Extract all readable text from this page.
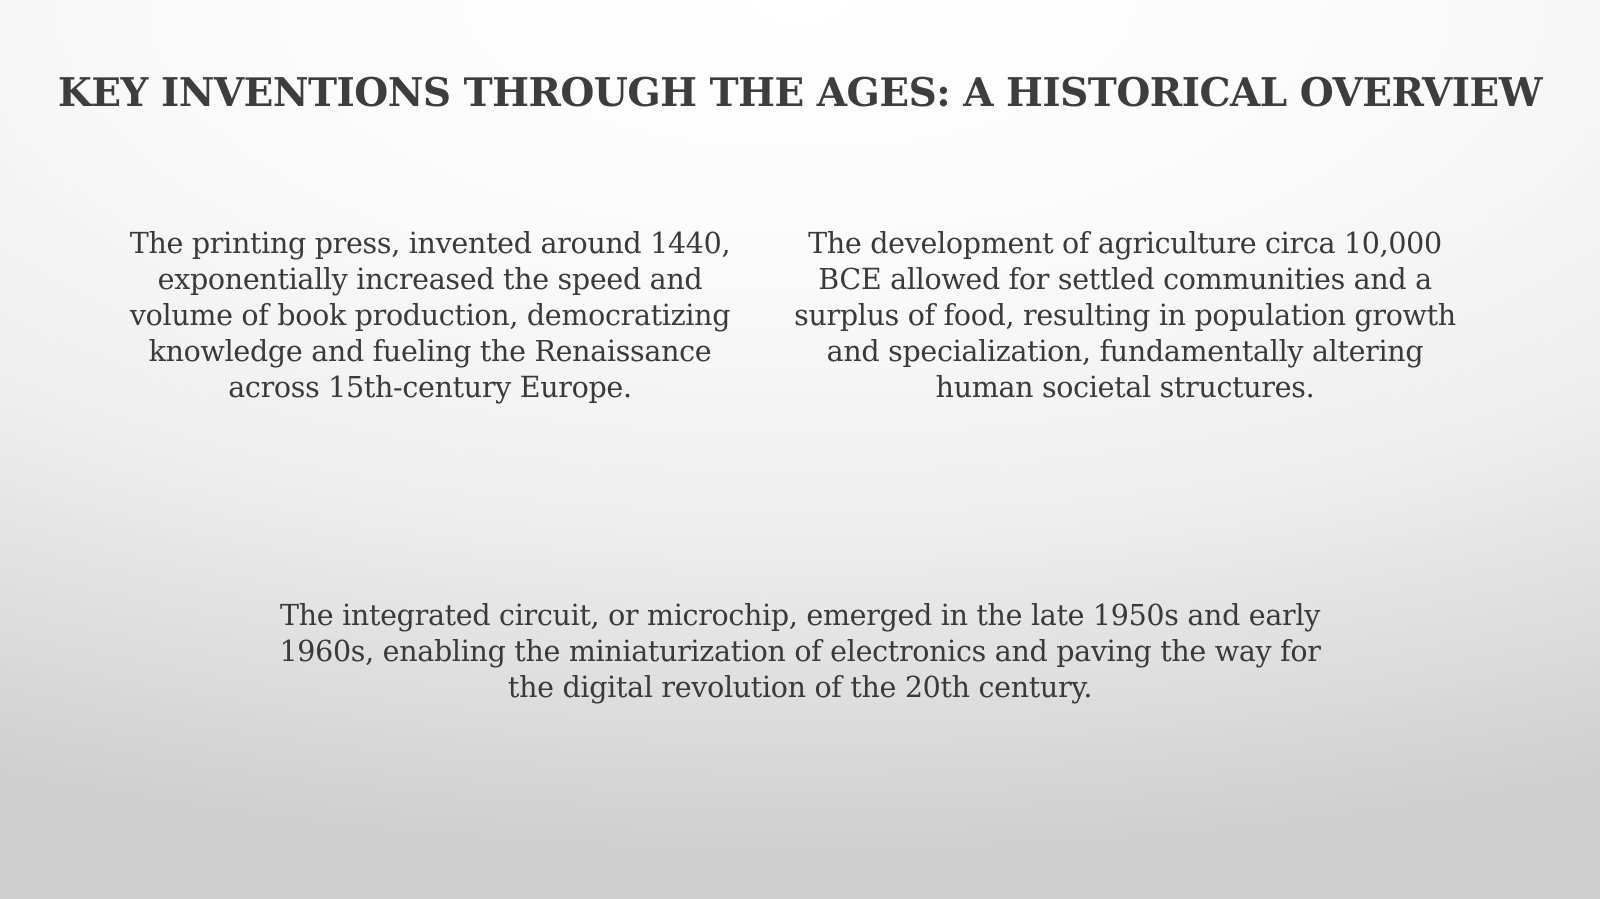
KEY INVENTIONS THROUGH THE AGES: A HISTORICAL OVERVIEW

The printing press, invented around 1440, exponentially increased the speed and volume of book production, democratizing knowledge and fueling the Renaissance across 15th-century Europe.

The development of agriculture circa 10,000 BCE allowed for settled communities and a surplus of food, resulting in population growth and specialization, fundamentally altering human societal structures.

The integrated circuit, or microchip, emerged in the late 1950s and early 1960s, enabling the miniaturization of electronics and paving the way for the digital revolution of the 20th century.
